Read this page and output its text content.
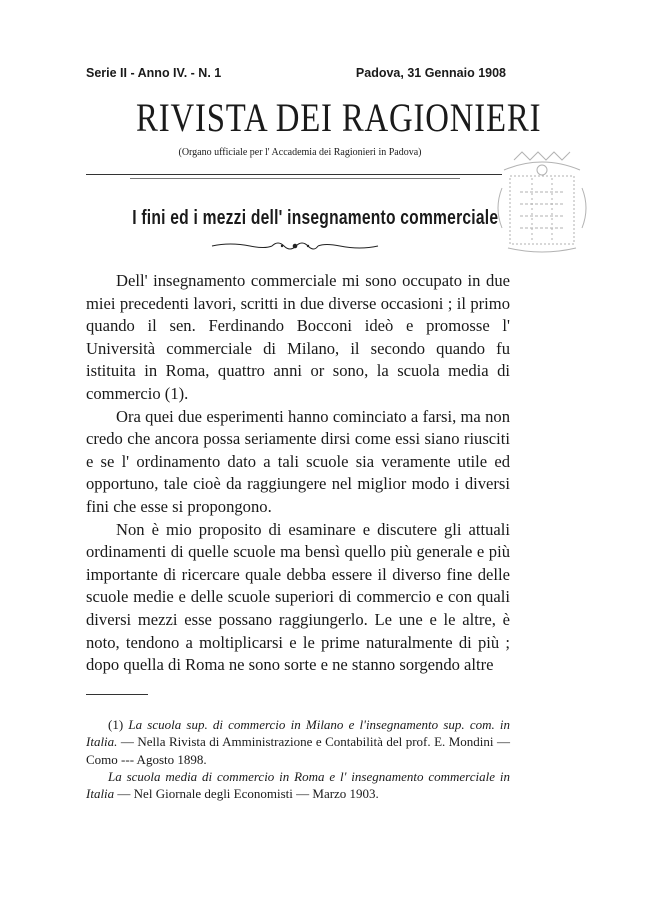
Serie II - Anno IV. - N. 1	Padova, 31 Gennaio 1908
RIVISTA DEI RAGIONIERI
(Organo ufficiale per l' Accademia dei Ragionieri in Padova)
I fini ed i mezzi dell' insegnamento commerciale

Dell' insegnamento commerciale mi sono occupato in due miei precedenti lavori, scritti in due diverse occasioni ; il primo quando il sen. Ferdinando Bocconi ideò e promosse l' Università commerciale di Milano, il secondo quando fu istituita in Roma, quattro anni or sono, la scuola media di commercio (1).

Ora quei due esperimenti hanno cominciato a farsi, ma non credo che ancora possa seriamente dirsi come essi siano riusciti e se l' ordinamento dato a tali scuole sia veramente utile ed opportuno, tale cioè da raggiungere nel miglior modo i diversi fini che esse si propongono.

Non è mio proposito di esaminare e discutere gli attuali ordinamenti di quelle scuole ma bensì quello più generale e più importante di ricercare quale debba essere il diverso fine delle scuole medie e delle scuole superiori di commercio e con quali diversi mezzi esse possano raggiungerlo. Le une e le altre, è noto, tendono a moltiplicarsi e le prime naturalmente di più ; dopo quella di Roma ne sono sorte e ne stanno sorgendo altre

(1) La scuola sup. di commercio in Milano e l'insegnamento sup. com. in Italia. — Nella Rivista di Amministrazione e Contabilità del prof. E. Mondini — Como --- Agosto 1898.

La scuola media di commercio in Roma e l' insegnamento commerciale in Italia — Nel Giornale degli Economisti — Marzo 1903.
